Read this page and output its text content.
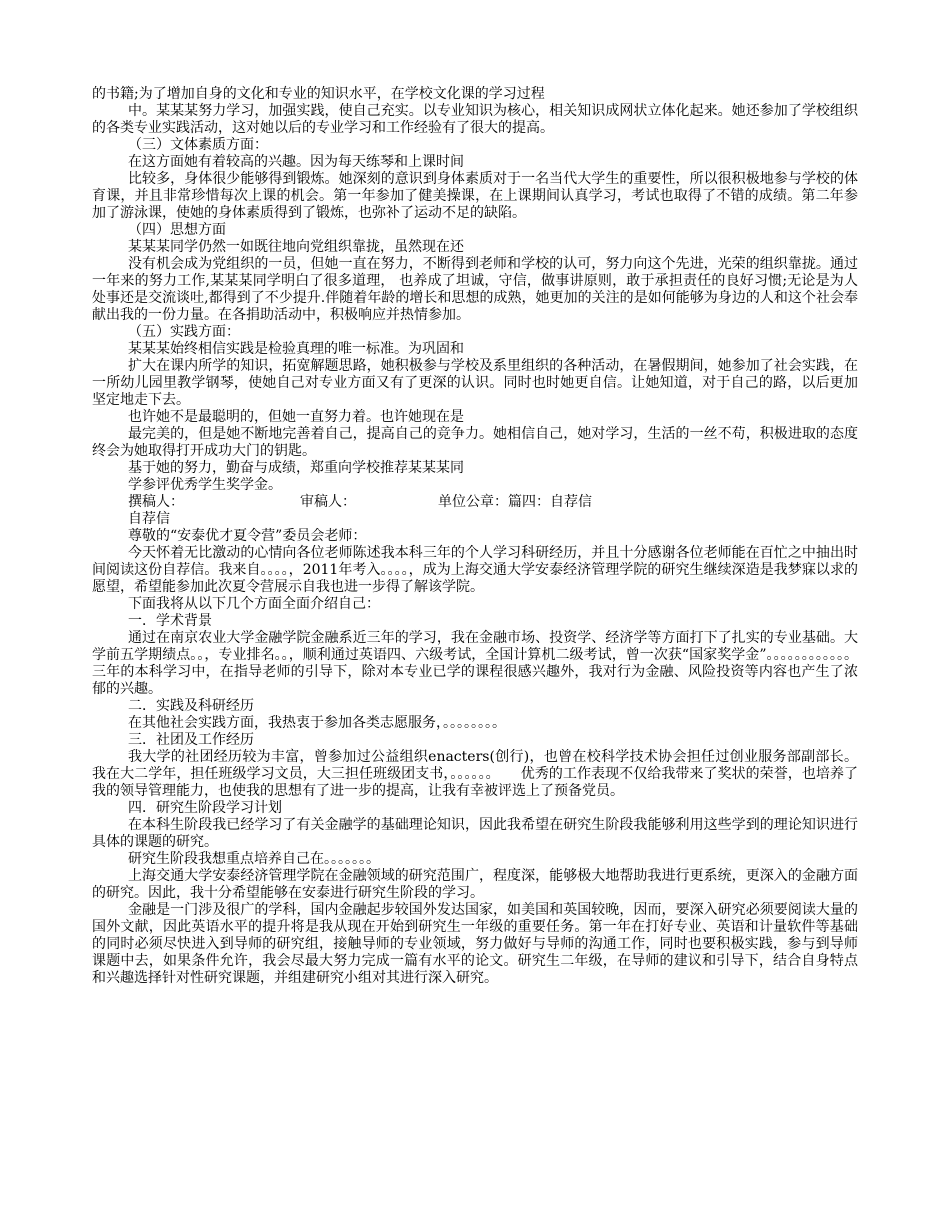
的书籍;为了增加自身的文化和专业的知识水平，在学校文化课的学习过程

中。某某某努力学习，加强实践，使自己充实。以专业知识为核心，相关知识成网状立体化起来。她还参加了学校组织的各类专业实践活动，这对她以后的专业学习和工作经验有了很大的提高。

（三）文体素质方面：

在这方面她有着较高的兴趣。因为每天练琴和上课时间

比较多，身体很少能够得到锻炼。她深刻的意识到身体素质对于一名当代大学生的重要性，所以很积极地参与学校的体育课，并且非常珍惜每次上课的机会。第一年参加了健美操课，在上课期间认真学习，考试也取得了不错的成绩。第二年参加了游泳课，使她的身体素质得到了锻炼，也弥补了运动不足的缺陷。

（四）思想方面

某某某同学仍然一如既往地向党组织靠拢，虽然现在还

没有机会成为党组织的一员，但她一直在努力，不断得到老师和学校的认可，努力向这个先进，光荣的组织靠拢。通过一年来的努力工作,某某某同学明白了很多道理， 也养成了坦诚，守信，做事讲原则，敢于承担责任的良好习惯;无论是为人处事还是交流谈吐,都得到了不少提升.伴随着年龄的增长和思想的成熟，她更加的关注的是如何能够为身边的人和这个社会奉献出我的一份力量。在各捐助活动中，积极响应并热情参加。

（五）实践方面：

某某某始终相信实践是检验真理的唯一标准。为巩固和

扩大在课内所学的知识，拓宽解题思路，她积极参与学校及系里组织的各种活动，在暑假期间，她参加了社会实践，在一所幼儿园里教学钢琴，使她自己对专业方面又有了更深的认识。同时也时她更自信。让她知道，对于自己的路，以后更加坚定地走下去。

也许她不是最聪明的，但她一直努力着。也许她现在是

最完美的，但是她不断地完善着自己，提高自己的竞争力。她相信自己，她对学习，生活的一丝不苟，积极进取的态度终会为她取得打开成功大门的钥匙。

基于她的努力，勤奋与成绩，郑重向学校推荐某某某同

学参评优秀学生奖学金。

撰稿人：	审稿人：	单位公章：篇四：自荐信

自荐信

尊敬的“安泰优才夏令营”委员会老师：

今天怀着无比激动的心情向各位老师陈述我本科三年的个人学习科研经历，并且十分感谢各位老师能在百忙之中抽出时间阅读这份自荐信。我来自。。。。，2011年考入。。。。，成为上海交通大学安泰经济管理学院的研究生继续深造是我梦寐以求的愿望，希望能参加此次夏令营展示自我也进一步得了解该学院。

下面我将从以下几个方面全面介绍自己：

一．学术背景

通过在南京农业大学金融学院金融系近三年的学习，我在金融市场、投资学、经济学等方面打下了扎实的专业基础。大学前五学期绩点。。，专业排名。。，顺利通过英语四、六级考试，全国计算机二级考试，曾一次获“国家奖学金”。。。。。。。。。。。。三年的本科学习中，在指导老师的引导下，除对本专业已学的课程很感兴趣外，我对行为金融、风险投资等内容也产生了浓郁的兴趣。

二．实践及科研经历

在其他社会实践方面，我热衷于参加各类志愿服务，。。。。。。。。

三．社团及工作经历

我大学的社团经历较为丰富，曾参加过公益组织enacters(创行)，也曾在校科学技术协会担任过创业服务部副部长。我在大二学年，担任班级学习文员，大三担任班级团支书，。。。。。。　　优秀的工作表现不仅给我带来了奖状的荣誉，也培养了我的领导管理能力，也使我的思想有了进一步的提高，让我有幸被评选上了预备党员。

四．研究生阶段学习计划

在本科生阶段我已经学习了有关金融学的基础理论知识，因此我希望在研究生阶段我能够利用这些学到的理论知识进行具体的课题的研究。

研究生阶段我想重点培养自己在。。。。。。。

上海交通大学安泰经济管理学院在金融领域的研究范围广，程度深，能够极大地帮助我进行更系统，更深入的金融方面的研究。因此，我十分希望能够在安泰进行研究生阶段的学习。

金融是一门涉及很广的学科，国内金融起步较国外发达国家，如美国和英国较晚，因而，要深入研究必须要阅读大量的国外文献，因此英语水平的提升将是我从现在开始到研究生一年级的重要任务。第一年在打好专业、英语和计量软件等基础的同时必须尽快进入到导师的研究组，接触导师的专业领域，努力做好与导师的沟通工作，同时也要积极实践，参与到导师课题中去，如果条件允许，我会尽最大努力完成一篇有水平的论文。研究生二年级，在导师的建议和引导下，结合自身特点和兴趣选择针对性研究课题，并组建研究小组对其进行深入研究。
